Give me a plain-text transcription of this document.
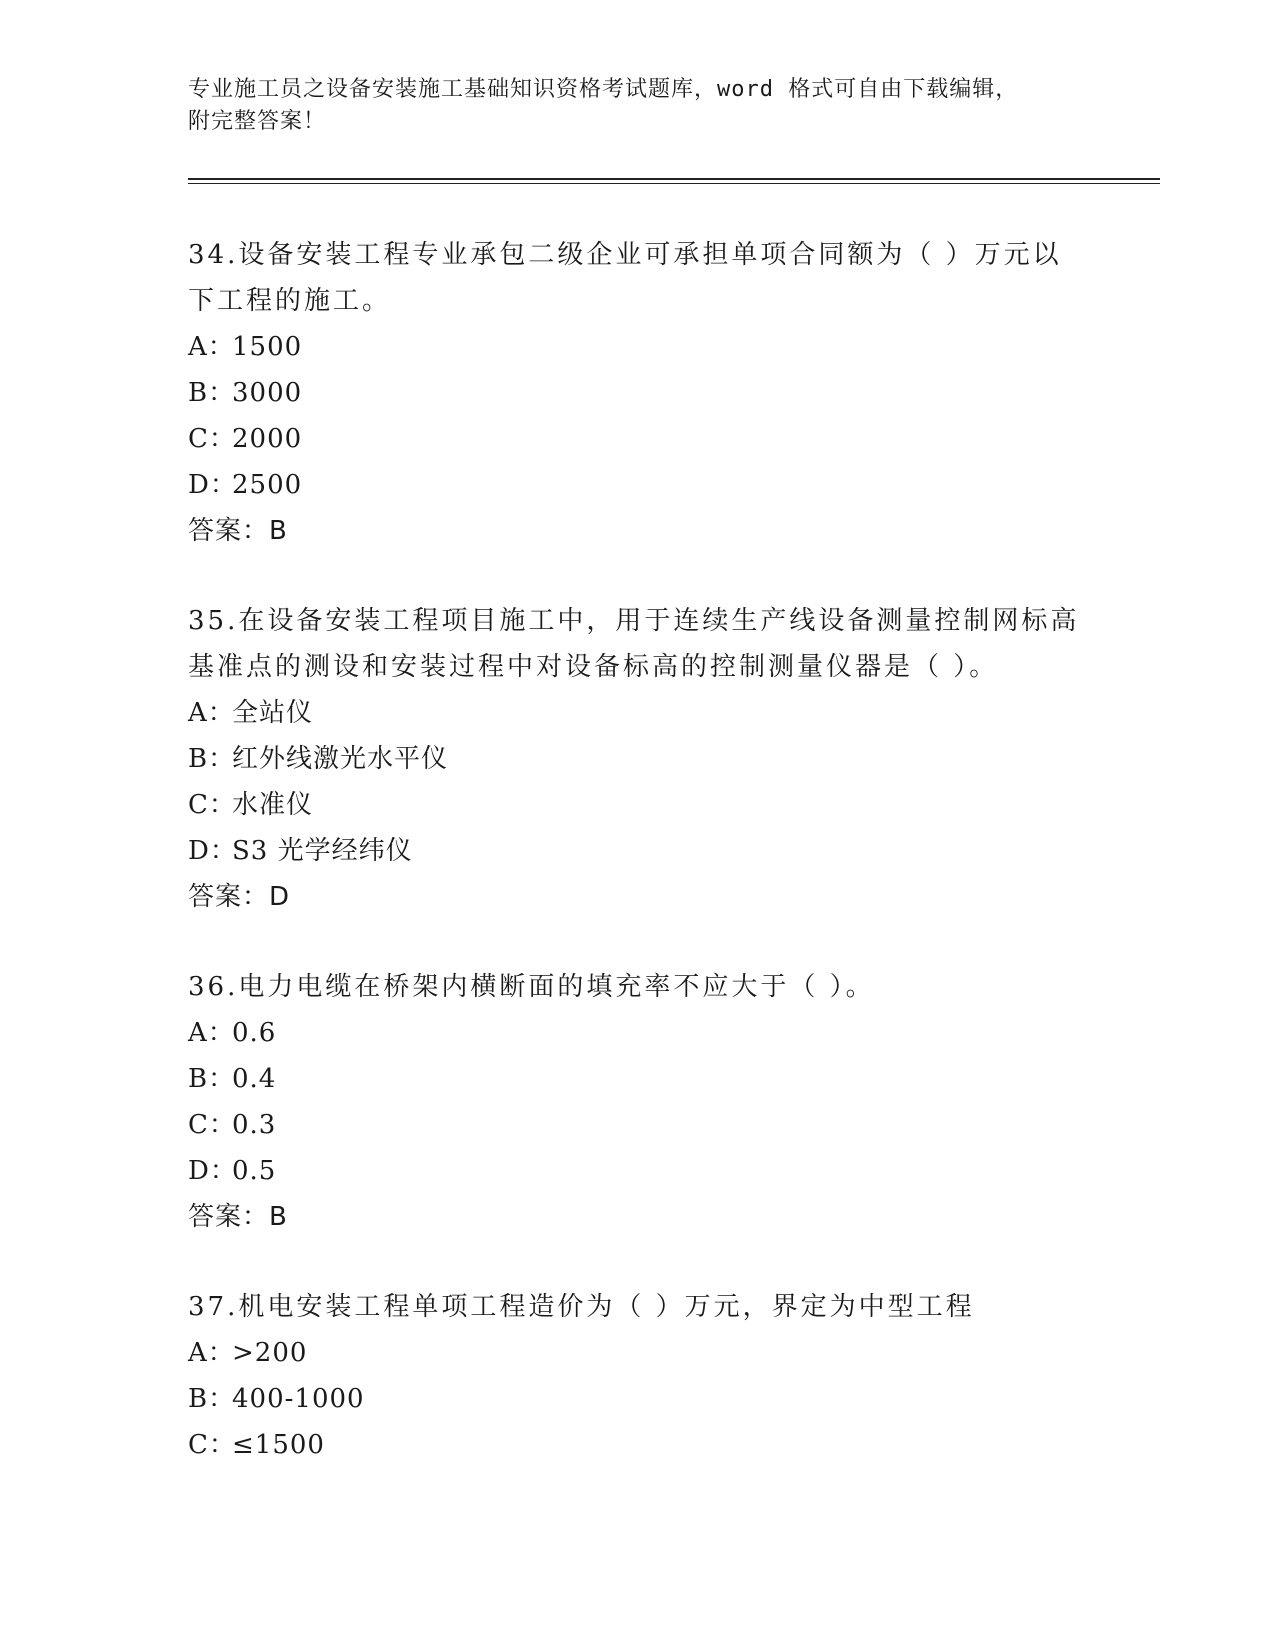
专业施工员之设备安装施工基础知识资格考试题库，word 格式可自由下载编辑，
附完整答案！
34.设备安装工程专业承包二级企业可承担单项合同额为（ ）万元以下工程的施工。
A：1500
B：3000
C：2000
D：2500
答案：B
35.在设备安装工程项目施工中，用于连续生产线设备测量控制网标高基准点的测设和安装过程中对设备标高的控制测量仪器是（ ）。
A：全站仪
B：红外线激光水平仪
C：水准仪
D：S3 光学经纬仪
答案：D
36.电力电缆在桥架内横断面的填充率不应大于（ ）。
A：0.6
B：0.4
C：0.3
D：0.5
答案：B
37.机电安装工程单项工程造价为（ ）万元，界定为中型工程
A：>200
B：400-1000
C：≤1500
